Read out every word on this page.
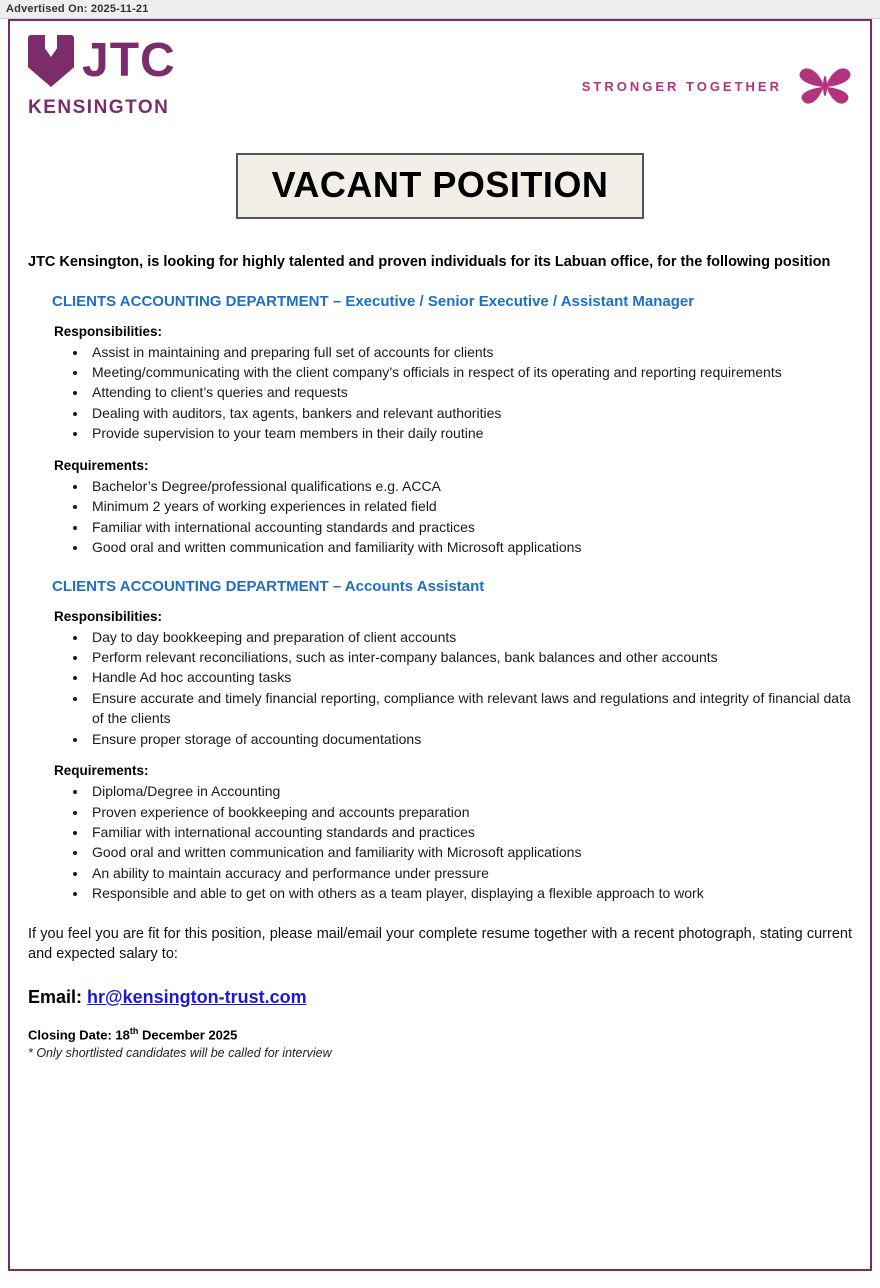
Advertised On: 2025-11-21
JTC
KENSINGTON
STRONGER TOGETHER
VACANT POSITION
JTC Kensington, is looking for highly talented and proven individuals for its Labuan office, for the following position
CLIENTS ACCOUNTING DEPARTMENT – Executive / Senior Executive / Assistant Manager
Responsibilities:
• Assist in maintaining and preparing full set of accounts for clients
• Meeting/communicating with the client company’s officials in respect of its operating and reporting requirements
• Attending to client’s queries and requests
• Dealing with auditors, tax agents, bankers and relevant authorities
• Provide supervision to your team members in their daily routine
Requirements:
• Bachelor’s Degree/professional qualifications e.g. ACCA
• Minimum 2 years of working experiences in related field
• Familiar with international accounting standards and practices
• Good oral and written communication and familiarity with Microsoft applications
CLIENTS ACCOUNTING DEPARTMENT – Accounts Assistant
Responsibilities:
• Day to day bookkeeping and preparation of client accounts
• Perform relevant reconciliations, such as inter-company balances, bank balances and other accounts
• Handle Ad hoc accounting tasks
• Ensure accurate and timely financial reporting, compliance with relevant laws and regulations and integrity of financial data of the clients
• Ensure proper storage of accounting documentations
Requirements:
• Diploma/Degree in Accounting
• Proven experience of bookkeeping and accounts preparation
• Familiar with international accounting standards and practices
• Good oral and written communication and familiarity with Microsoft applications
• An ability to maintain accuracy and performance under pressure
• Responsible and able to get on with others as a team player, displaying a flexible approach to work
If you feel you are fit for this position, please mail/email your complete resume together with a recent photograph, stating current and expected salary to:
Email: hr@kensington-trust.com
Closing Date: 18th December 2025
* Only shortlisted candidates will be called for interview
